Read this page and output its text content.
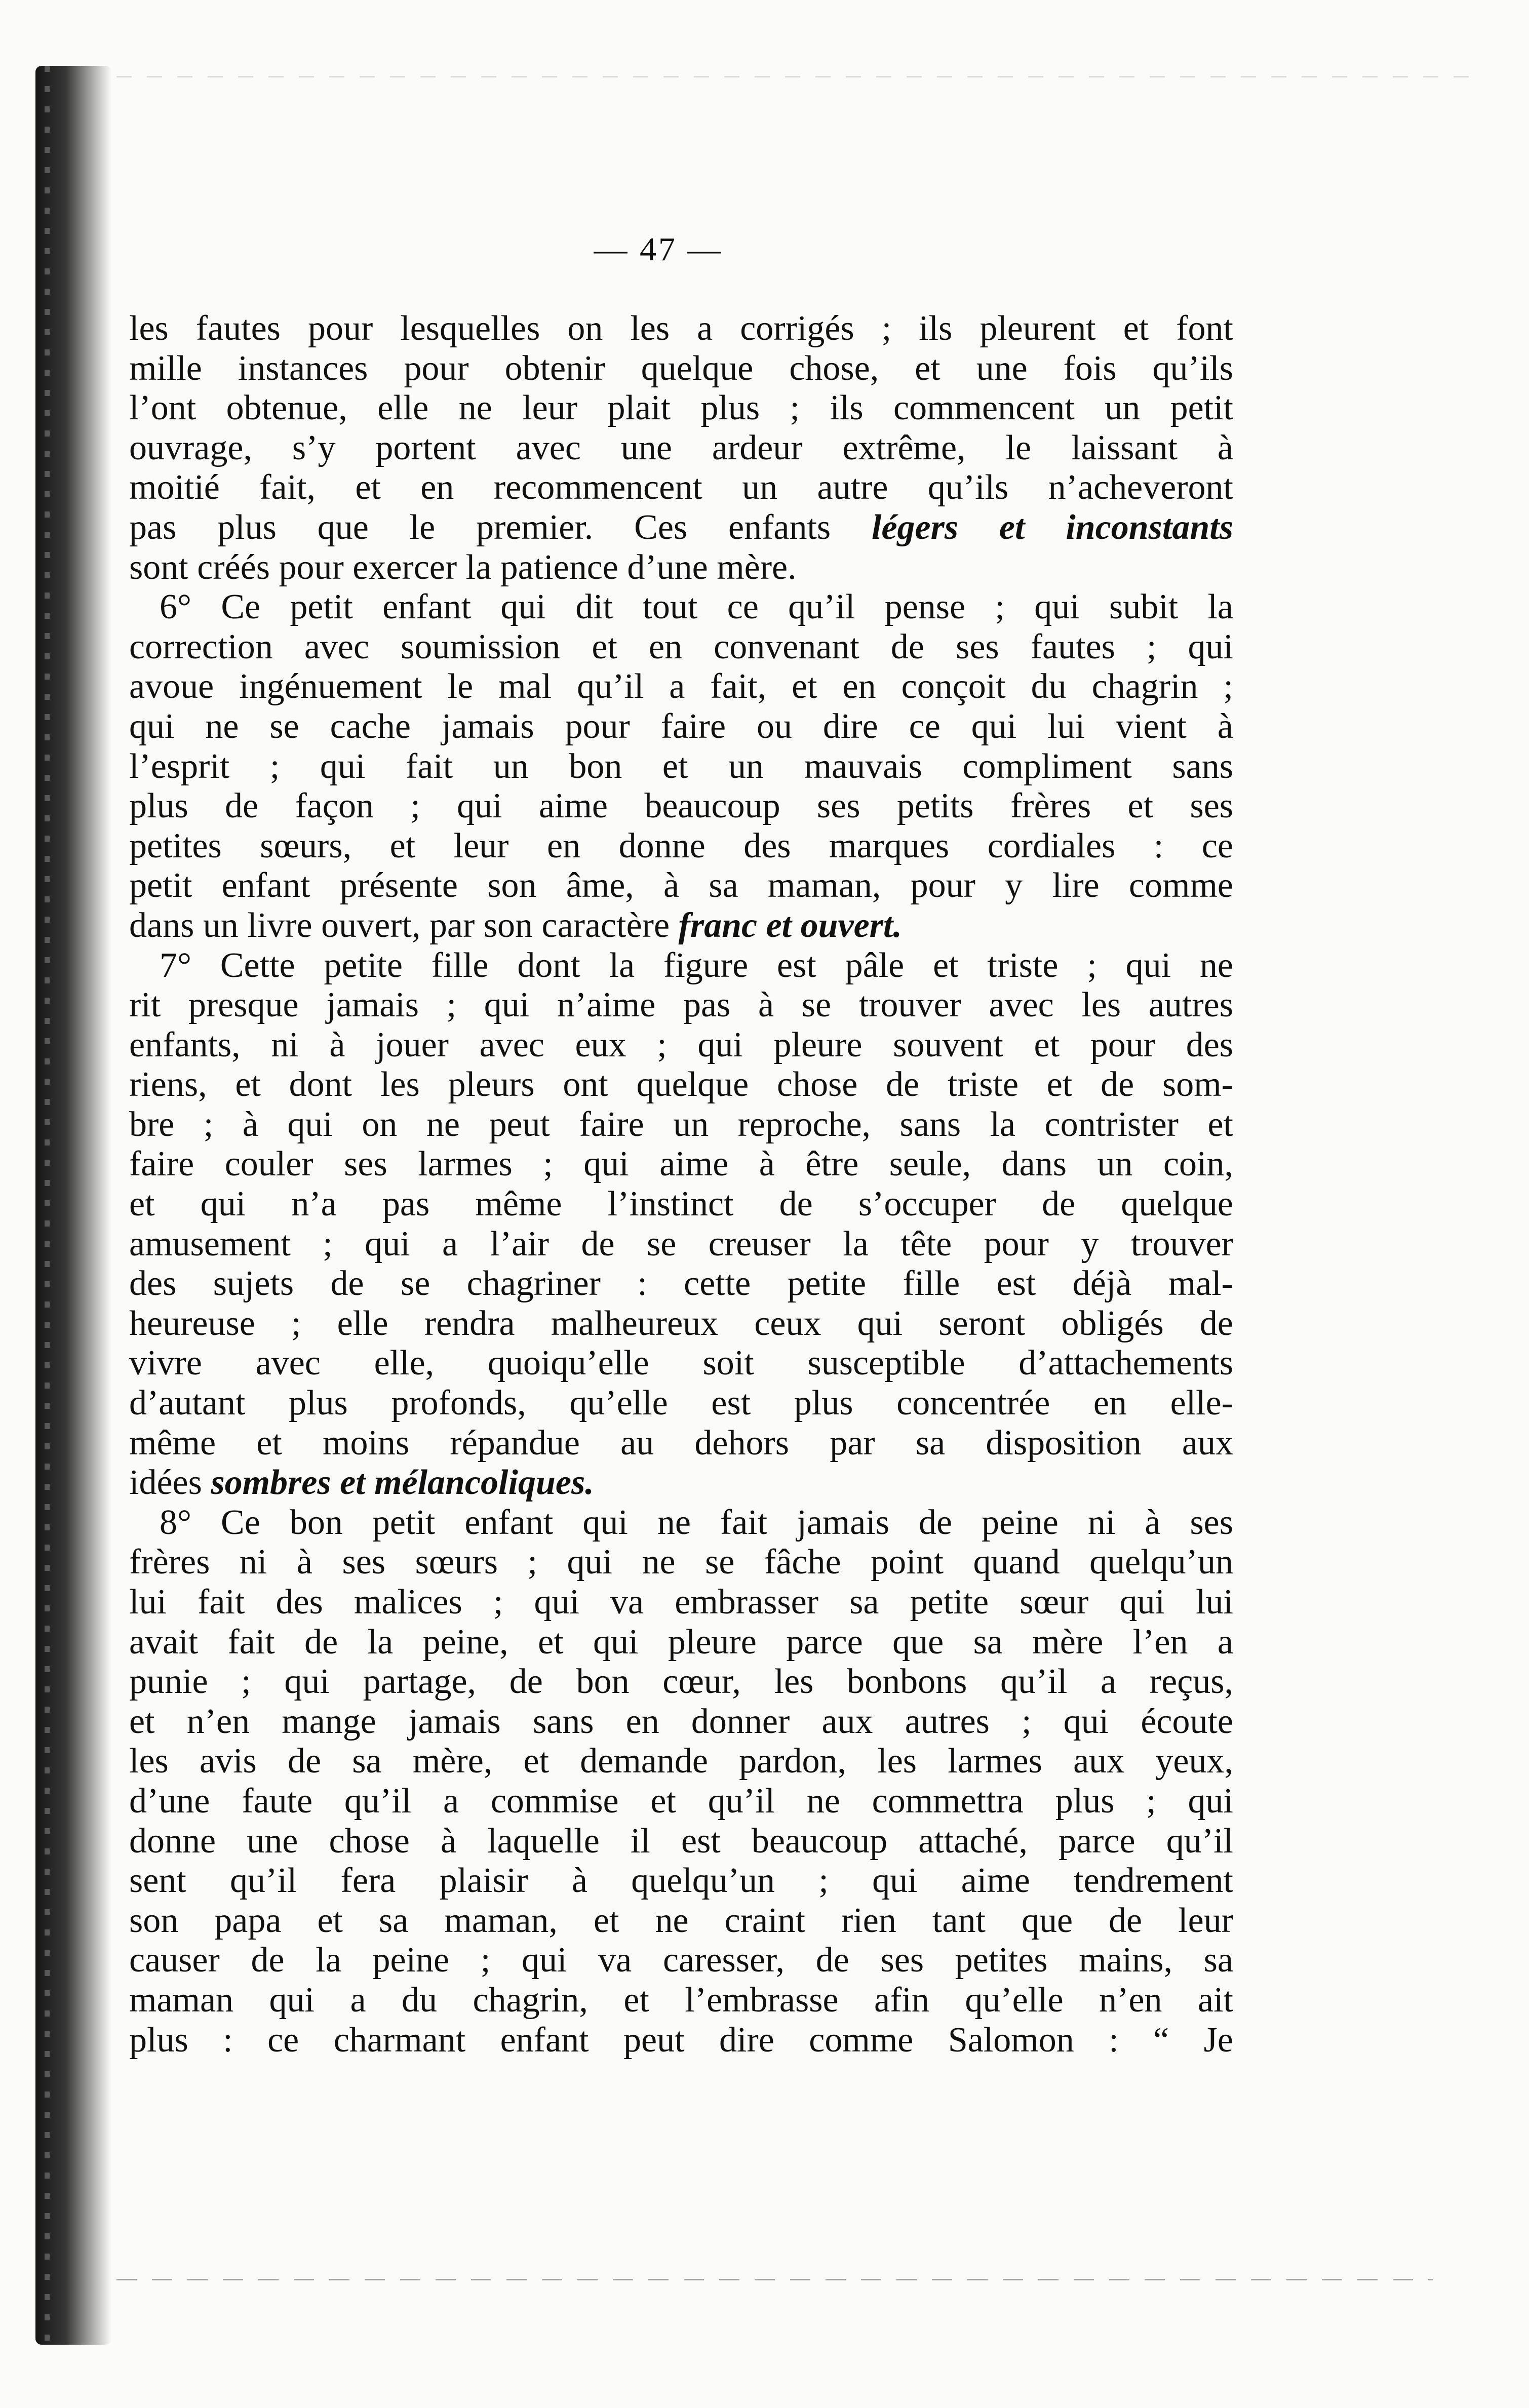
— 47 —
les fautes pour lesquelles on les a corrigés ; ils pleurent et font
mille instances pour obtenir quelque chose, et une fois qu’ils
l’ont obtenue, elle ne leur plait plus ; ils commencent un petit
ouvrage, s’y portent avec une ardeur extrême, le laissant à
moitié fait, et en recommencent un autre qu’ils n’acheveront
pas plus que le premier. Ces enfants légers et inconstants
sont créés pour exercer la patience d’une mère.
6° Ce petit enfant qui dit tout ce qu’il pense ; qui subit la
correction avec soumission et en convenant de ses fautes ; qui
avoue ingénuement le mal qu’il a fait, et en conçoit du chagrin ;
qui ne se cache jamais pour faire ou dire ce qui lui vient à
l’esprit ; qui fait un bon et un mauvais compliment sans
plus de façon ; qui aime beaucoup ses petits frères et ses
petites sœurs, et leur en donne des marques cordiales : ce
petit enfant présente son âme, à sa maman, pour y lire comme
dans un livre ouvert, par son caractère franc et ouvert.
7° Cette petite fille dont la figure est pâle et triste ; qui ne
rit presque jamais ; qui n’aime pas à se trouver avec les autres
enfants, ni à jouer avec eux ; qui pleure souvent et pour des
riens, et dont les pleurs ont quelque chose de triste et de som-
bre ; à qui on ne peut faire un reproche, sans la contrister et
faire couler ses larmes ; qui aime à être seule, dans un coin,
et qui n’a pas même l’instinct de s’occuper de quelque
amusement ; qui a l’air de se creuser la tête pour y trouver
des sujets de se chagriner : cette petite fille est déjà mal-
heureuse ; elle rendra malheureux ceux qui seront obligés de
vivre avec elle, quoiqu’elle soit susceptible d’attachements
d’autant plus profonds, qu’elle est plus concentrée en elle-
même et moins répandue au dehors par sa disposition aux
idées sombres et mélancoliques.
8° Ce bon petit enfant qui ne fait jamais de peine ni à ses
frères ni à ses sœurs ; qui ne se fâche point quand quelqu’un
lui fait des malices ; qui va embrasser sa petite sœur qui lui
avait fait de la peine, et qui pleure parce que sa mère l’en a
punie ; qui partage, de bon cœur, les bonbons qu’il a reçus,
et n’en mange jamais sans en donner aux autres ; qui écoute
les avis de sa mère, et demande pardon, les larmes aux yeux,
d’une faute qu’il a commise et qu’il ne commettra plus ; qui
donne une chose à laquelle il est beaucoup attaché, parce qu’il
sent qu’il fera plaisir à quelqu’un ; qui aime tendrement
son papa et sa maman, et ne craint rien tant que de leur
causer de la peine ; qui va caresser, de ses petites mains, sa
maman qui a du chagrin, et l’embrasse afin qu’elle n’en ait
plus : ce charmant enfant peut dire comme Salomon : “ Je
